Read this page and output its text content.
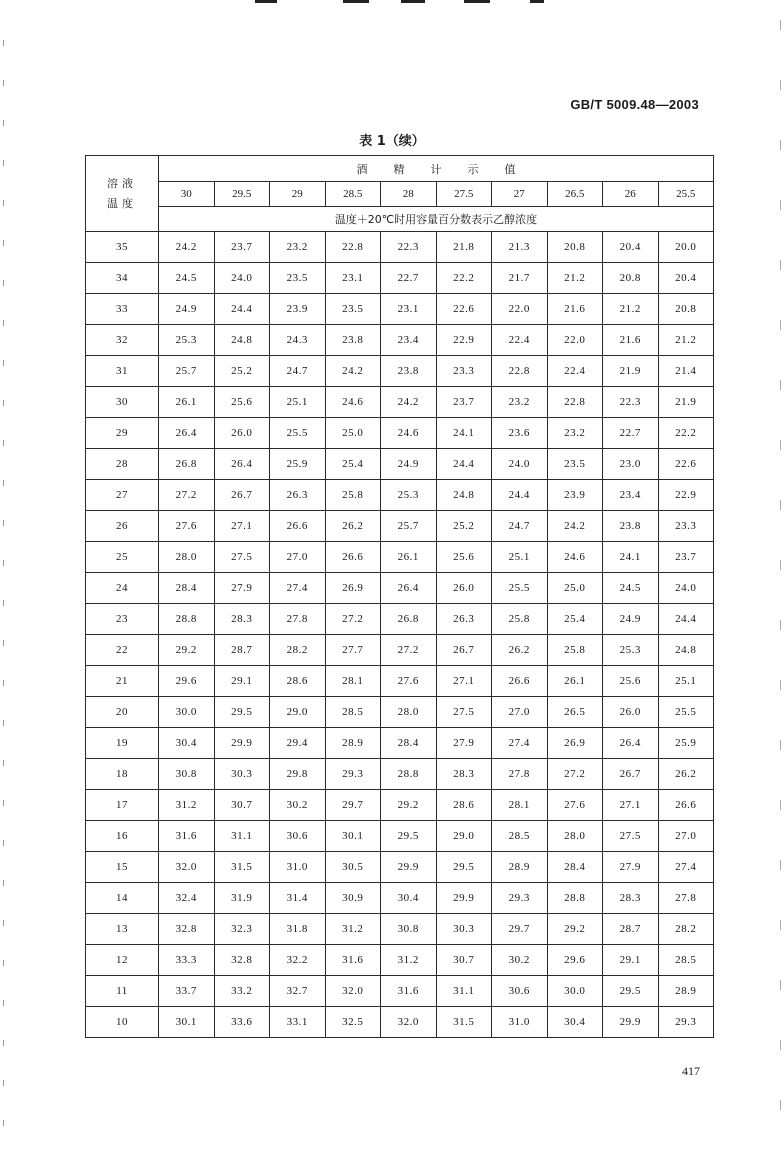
GB/T 5009.48—2003
表 1（续）
溶液
温度	酒精计示值									
	30	29.5	29	28.5	28	27.5	27	26.5	26	25.5
	温度＋20℃时用容量百分数表示乙醇浓度									
35	24.2	23.7	23.2	22.8	22.3	21.8	21.3	20.8	20.4	20.0
34	24.5	24.0	23.5	23.1	22.7	22.2	21.7	21.2	20.8	20.4
33	24.9	24.4	23.9	23.5	23.1	22.6	22.0	21.6	21.2	20.8
32	25.3	24.8	24.3	23.8	23.4	22.9	22.4	22.0	21.6	21.2
31	25.7	25.2	24.7	24.2	23.8	23.3	22.8	22.4	21.9	21.4
30	26.1	25.6	25.1	24.6	24.2	23.7	23.2	22.8	22.3	21.9
29	26.4	26.0	25.5	25.0	24.6	24.1	23.6	23.2	22.7	22.2
28	26.8	26.4	25.9	25.4	24.9	24.4	24.0	23.5	23.0	22.6
27	27.2	26.7	26.3	25.8	25.3	24.8	24.4	23.9	23.4	22.9
26	27.6	27.1	26.6	26.2	25.7	25.2	24.7	24.2	23.8	23.3
25	28.0	27.5	27.0	26.6	26.1	25.6	25.1	24.6	24.1	23.7
24	28.4	27.9	27.4	26.9	26.4	26.0	25.5	25.0	24.5	24.0
23	28.8	28.3	27.8	27.2	26.8	26.3	25.8	25.4	24.9	24.4
22	29.2	28.7	28.2	27.7	27.2	26.7	26.2	25.8	25.3	24.8
21	29.6	29.1	28.6	28.1	27.6	27.1	26.6	26.1	25.6	25.1
20	30.0	29.5	29.0	28.5	28.0	27.5	27.0	26.5	26.0	25.5
19	30.4	29.9	29.4	28.9	28.4	27.9	27.4	26.9	26.4	25.9
18	30.8	30.3	29.8	29.3	28.8	28.3	27.8	27.2	26.7	26.2
17	31.2	30.7	30.2	29.7	29.2	28.6	28.1	27.6	27.1	26.6
16	31.6	31.1	30.6	30.1	29.5	29.0	28.5	28.0	27.5	27.0
15	32.0	31.5	31.0	30.5	29.9	29.5	28.9	28.4	27.9	27.4
14	32.4	31.9	31.4	30.9	30.4	29.9	29.3	28.8	28.3	27.8
13	32.8	32.3	31.8	31.2	30.8	30.3	29.7	29.2	28.7	28.2
12	33.3	32.8	32.2	31.6	31.2	30.7	30.2	29.6	29.1	28.5
11	33.7	33.2	32.7	32.0	31.6	31.1	30.6	30.0	29.5	28.9
10	30.1	33.6	33.1	32.5	32.0	31.5	31.0	30.4	29.9	29.3
417
